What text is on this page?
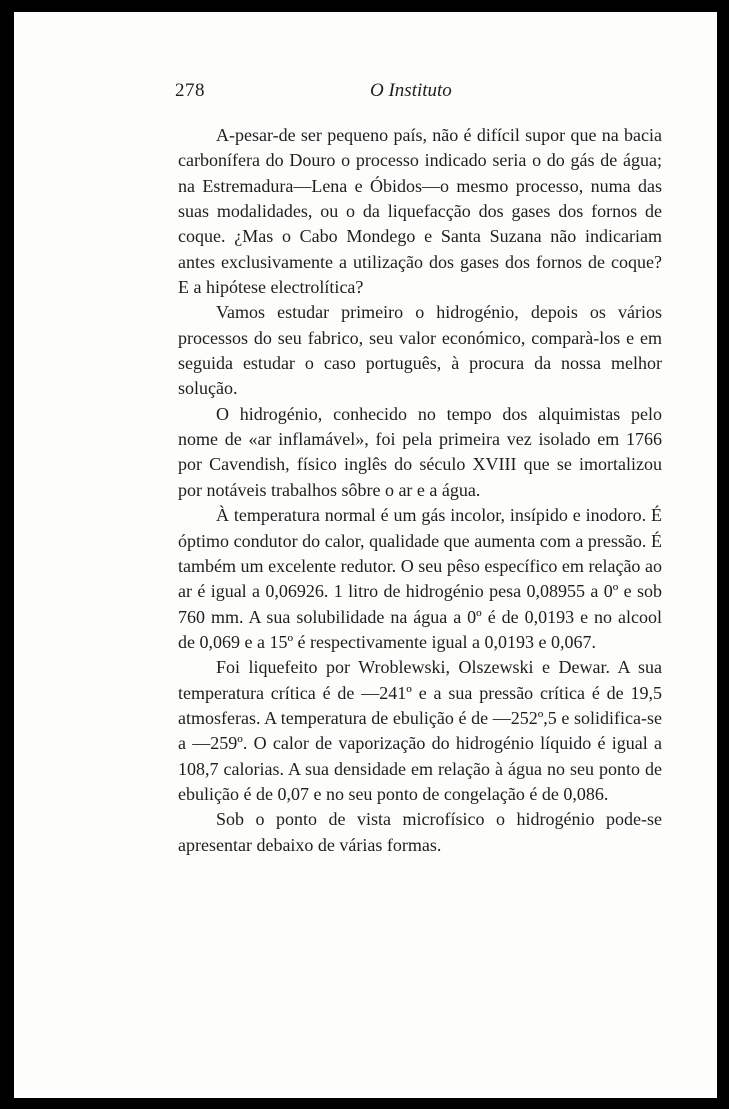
278	O Instituto

A-pesar-de ser pequeno país, não é difícil supor que na bacia carbonífera do Douro o processo indicado seria o do gás de água; na Estremadura—Lena e Óbidos—o mesmo processo, numa das suas modalidades, ou o da liquefacção dos gases dos fornos de coque. ¿Mas o Cabo Mondego e Santa Suzana não indicariam antes exclusivamente a utilização dos gases dos fornos de coque? E a hipótese electrolítica?

Vamos estudar primeiro o hidrogénio, depois os vários processos do seu fabrico, seu valor económico, comparà-los e em seguida estudar o caso português, à procura da nossa melhor solução.

O hidrogénio, conhecido no tempo dos alquimistas pelo nome de «ar inflamável», foi pela primeira vez isolado em 1766 por Cavendish, físico inglês do século XVIII que se imortalizou por notáveis trabalhos sôbre o ar e a água.

À temperatura normal é um gás incolor, insípido e inodoro. É óptimo condutor do calor, qualidade que aumenta com a pressão. É também um excelente redutor. O seu pêso específico em relação ao ar é igual a 0,06926. 1 litro de hidrogénio pesa 0,08955 a 0º e sob 760 mm. A sua solubilidade na água a 0º é de 0,0193 e no alcool de 0,069 e a 15º é respectivamente igual a 0,0193 e 0,067.

Foi liquefeito por Wroblewski, Olszewski e Dewar. A sua temperatura crítica é de —241º e a sua pressão crítica é de 19,5 atmosferas. A temperatura de ebulição é de —252º,5 e solidifica-se a —259º. O calor de vaporização do hidrogénio líquido é igual a 108,7 calorias. A sua densidade em relação à água no seu ponto de ebulição é de 0,07 e no seu ponto de congelação é de 0,086.

Sob o ponto de vista microfísico o hidrogénio pode-se apresentar debaixo de várias formas.
